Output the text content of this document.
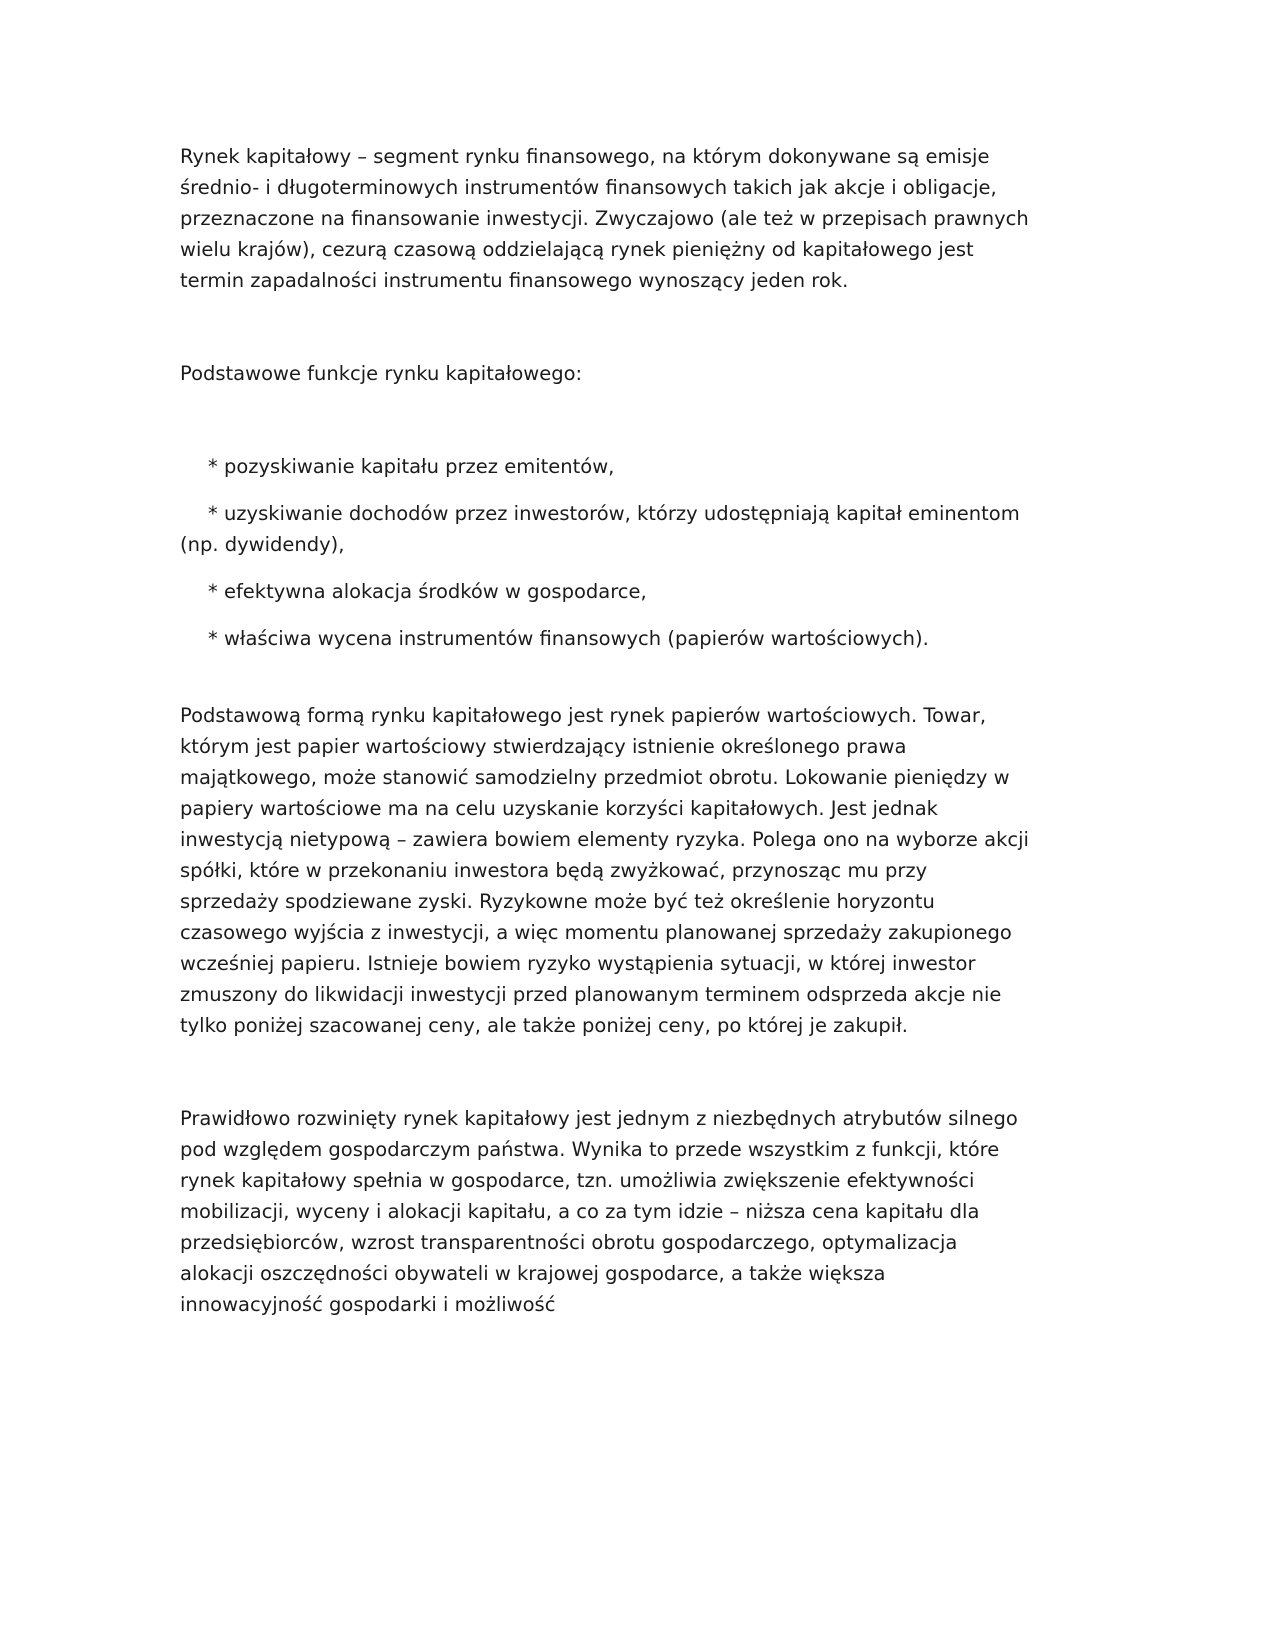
Rynek kapitałowy – segment rynku finansowego, na którym dokonywane są emisje średnio- i długoterminowych instrumentów finansowych takich jak akcje i obligacje, przeznaczone na finansowanie inwestycji. Zwyczajowo (ale też w przepisach prawnych wielu krajów), cezurą czasową oddzielającą rynek pieniężny od kapitałowego jest termin zapadalności instrumentu finansowego wynoszący jeden rok.

Podstawowe funkcje rynku kapitałowego:

* pozyskiwanie kapitału przez emitentów,

* uzyskiwanie dochodów przez inwestorów, którzy udostępniają kapitał eminentom (np. dywidendy),

* efektywna alokacja środków w gospodarce,

* właściwa wycena instrumentów finansowych (papierów wartościowych).

Podstawową formą rynku kapitałowego jest rynek papierów wartościowych. Towar, którym jest papier wartościowy stwierdzający istnienie określonego prawa majątkowego, może stanowić samodzielny przedmiot obrotu. Lokowanie pieniędzy w papiery wartościowe ma na celu uzyskanie korzyści kapitałowych. Jest jednak inwestycją nietypową – zawiera bowiem elementy ryzyka. Polega ono na wyborze akcji spółki, które w przekonaniu inwestora będą zwyżkować, przynosząc mu przy sprzedaży spodziewane zyski. Ryzykowne może być też określenie horyzontu czasowego wyjścia z inwestycji, a więc momentu planowanej sprzedaży zakupionego wcześniej papieru. Istnieje bowiem ryzyko wystąpienia sytuacji, w której inwestor zmuszony do likwidacji inwestycji przed planowanym terminem odsprzeda akcje nie tylko poniżej szacowanej ceny, ale także poniżej ceny, po której je zakupił.

Prawidłowo rozwinięty rynek kapitałowy jest jednym z niezbędnych atrybutów silnego pod względem gospodarczym państwa. Wynika to przede wszystkim z funkcji, które rynek kapitałowy spełnia w gospodarce, tzn. umożliwia zwiększenie efektywności mobilizacji, wyceny i alokacji kapitału, a co za tym idzie – niższa cena kapitału dla przedsiębiorców, wzrost transparentności obrotu gospodarczego, optymalizacja alokacji oszczędności obywateli w krajowej gospodarce, a także większa innowacyjność gospodarki i możliwość
